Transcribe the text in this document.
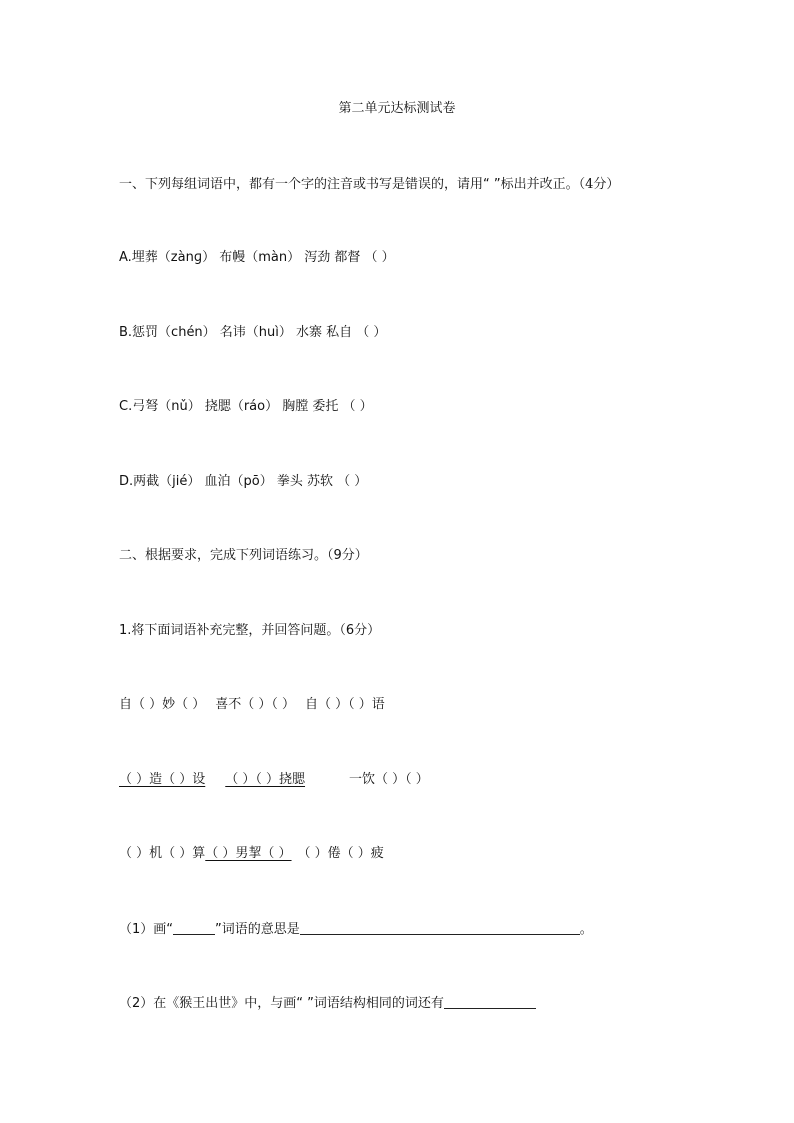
第二单元达标测试卷
一、下列每组词语中，都有一个字的注音或书写是错误的，请用“ ”标出并改正。（4分）
A.埋葬（zànɡ） 布幔（màn） 泻劲 都督 （ ）
B.惩罚（chén） 名讳（huì） 水寨 私自 （ ）
C.弓弩（nǔ） 挠腮（ráo） 胸膛 委托 （ ）
D.两截（jié） 血泊（pō） 拳头 苏软 （ ）
二、根据要求，完成下列词语练习。（9分）
1.将下面词语补充完整，并回答问题。（6分）
自（ ）妙（ ） 喜不（ ）（ ） 自（ ）（ ）语
（ ）造（ ）设 （ ）（ ）挠腮	一饮（ ）（ ）
（ ）机（ ）算（ ）男挈（ ） （ ）倦（ ）疲
（1）画“	”词语的意思是	。
（2）在《猴王出世》中，与画“ ”词语结构相同的词还有
